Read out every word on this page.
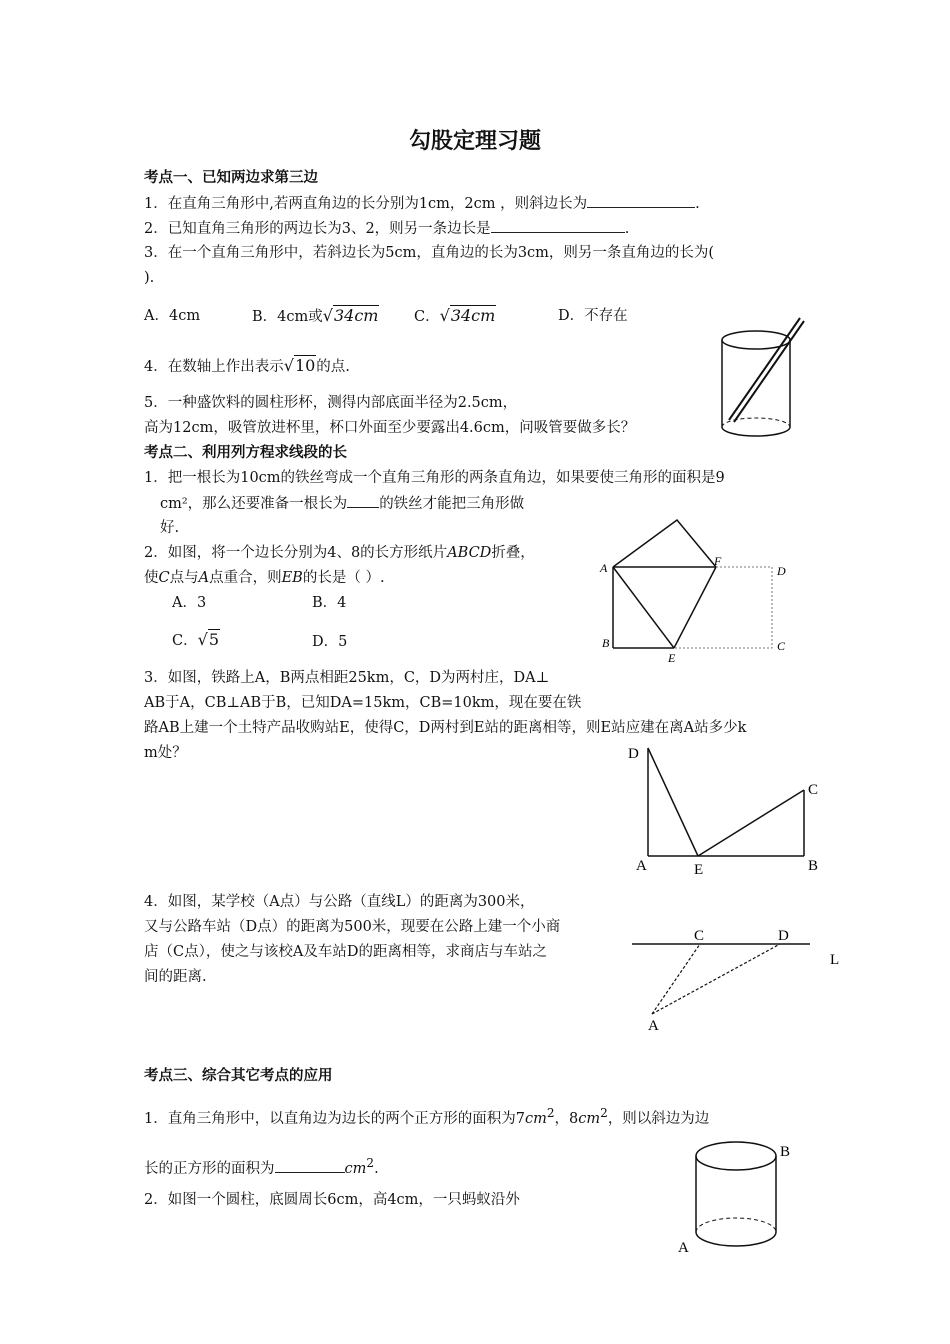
勾股定理习题
考点一、已知两边求第三边
1．在直角三角形中,若两直角边的长分别为1cm，2cm ，则斜边长为	.
2．已知直角三角形的两边长为3、2，则另一条边长是	.
3．在一个直角三角形中，若斜边长为5cm，直角边的长为3cm，则另一条直角边的长为(
).
A．4cm	B．4cm或√34cm C．√34cm	D．不存在
4．在数轴上作出表示√10的点.
5．一种盛饮料的圆柱形杯，测得内部底面半径为2.5cm，
高为12cm，吸管放进杯里，杯口外面至少要露出4.6cm，问吸管要做多长？
考点二、利用列方程求线段的长
1．把一根长为10cm的铁丝弯成一个直角三角形的两条直角边，如果要使三角形的面积是9
cm²，那么还要准备一根长为 的铁丝才能把三角形做
好.
2．如图，将一个边长分别为4、8的长方形纸片ABCD折叠，
使C点与A点重合，则EB的长是（ ）.
A．3	B．4
C．√5	D．5
A
B	C
D
E
F
3．如图，铁路上A，B两点相距25km，C，D为两村庄，DA⊥
AB于A，CB⊥AB于B，已知DA=15km，CB=10km，现在要在铁
路AB上建一个土特产品收购站E，使得C，D两村到E站的距离相等，则E站应建在离A站多少k
m处？	D
A	E	B
C
4．如图，某学校（A点）与公路（直线L）的距离为300米，
又与公路车站（D点）的距离为500米，现要在公路上建一个小商
店（C点），使之与该校A及车站D的距离相等，求商店与车站之
间的距离.
C	D
L
A
考点三、综合其它考点的应用
1．直角三角形中，以直角边为边长的两个正方形的面积为$7cm^2$，$8cm^2$，则以斜边为边
长的正方形的面积为	$cm^2$.
2．如图一个圆柱，底圆周长6cm，高4cm，一只蚂蚁沿外
B
A
